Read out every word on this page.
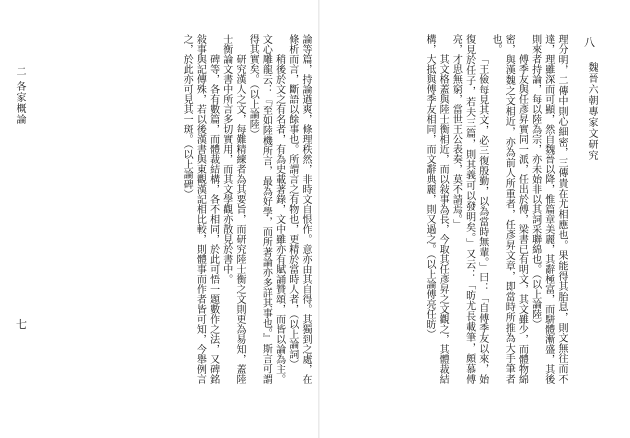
二 各家概論
七	論等篇，持論遒爽，條理秩然，非時文自恨作。意亦由其自得。其獨到之處，在條析而言，斷語以餘事也。所謂言之有物也，更精於當時人者，（以上論詞）

稍後於文之有名者，有為史載著錄，文中雖亦有賦誦贊頌，而皆以論為主。文心雕龍云：『至如陸機所言，最為好學，而所著論亦多詳其事也。』斯言可謂得其實矣。（以上論陸）

研究漢人之文，每難精練者為其要旨，而研究陸士衡之文則更為易知，蓋陸士衡論文書中所言多切實用，而其文學觀亦散見於書中。

碑等，各有數篇，而體裁結構，各不相同，於此可悟一題數作之法，又碑銘敍事與記傳殊，若以後漢書與東觀漢記相比較，則體事而作者皆可知，今舉例言之，於此亦可見其一斑。（以上論碑）	魏晉六朝專家文研究
八

理分明，二傳中則心細密，三傳貴在尤相應也。果能得其胎息，則文無往而不達，理雖深而可顯，然自魏晉以降，惟篇章美麗，其辭極富，而駢體漸盛，其後則來者持論，每以陸為宗，亦未始非以其詞采聯綿也。（以上論陸）

傅季友與任彥昇實同一派，任出於傅，梁書已有明文，其文雖少，而體物綿密，與漢魏之文相近，亦為前人所重者，任彥昇文章，即當時所推為大手筆者也。

「王儉每見其文，必三復殷勤，以為當時無輩。」曰：「自傅季友以來，始復見於任子，若夫三篇，則其義可以發明矣。」又云：「昉尤長載筆，頗慕傅亮，才思無窮，當世王公表奏，莫不請焉。」

其文格蓋與陸士衡相近，而以敍事為長，今取其任彥昇之文觀之，其體裁結構，大抵與傅季友相同，而文辭典麗，則又過之。（以上論傅亮任昉）
